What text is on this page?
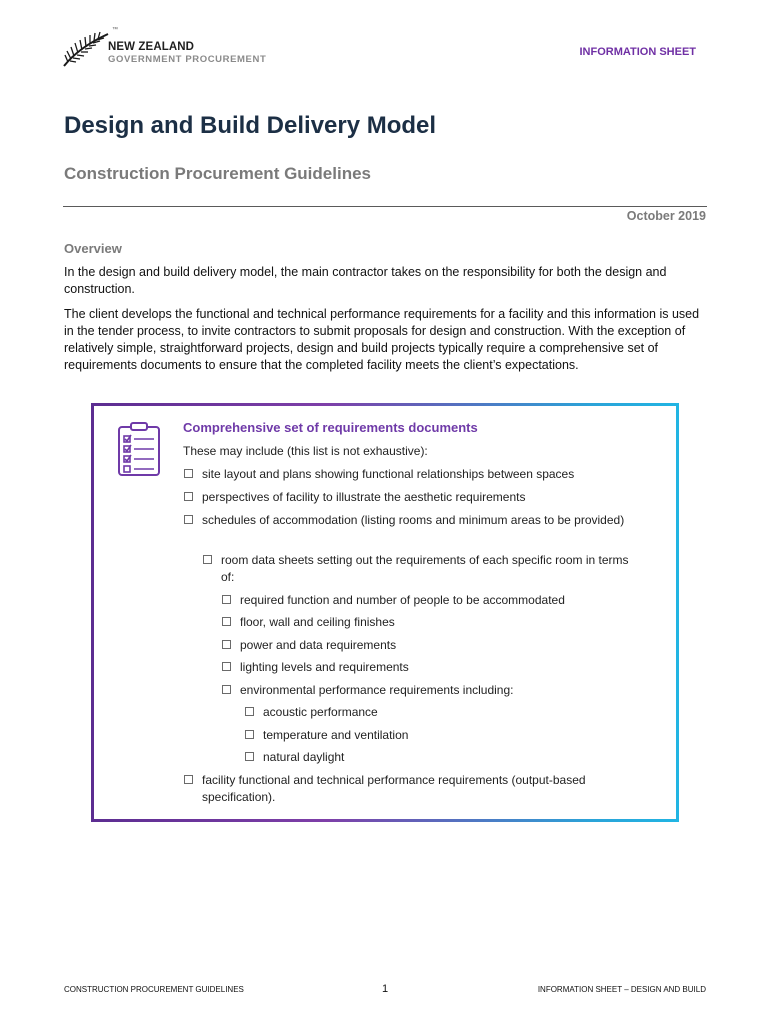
™
NEW ZEALAND
GOVERNMENT PROCUREMENT
INFORMATION SHEET
Design and Build Delivery Model
Construction Procurement Guidelines
October 2019
Overview
In the design and build delivery model, the main contractor takes on the responsibility for both the design and construction.
The client develops the functional and technical performance requirements for a facility and this information is used in the tender process, to invite contractors to submit proposals for design and construction. With the exception of relatively simple, straightforward projects, design and build projects typically require a comprehensive set of requirements documents to ensure that the completed facility meets the client’s expectations.
Comprehensive set of requirements documents
These may include (this list is not exhaustive):
site layout and plans showing functional relationships between spaces
perspectives of facility to illustrate the aesthetic requirements
schedules of accommodation (listing rooms and minimum areas to be provided)
room data sheets setting out the requirements of each specific room in terms of:
required function and number of people to be accommodated
floor, wall and ceiling finishes
power and data requirements
lighting levels and requirements
environmental performance requirements including:
acoustic performance
temperature and ventilation
natural daylight
facility functional and technical performance requirements (output-based specification).
CONSTRUCTION PROCUREMENT GUIDELINES	1	INFORMATION SHEET – DESIGN AND BUILD
